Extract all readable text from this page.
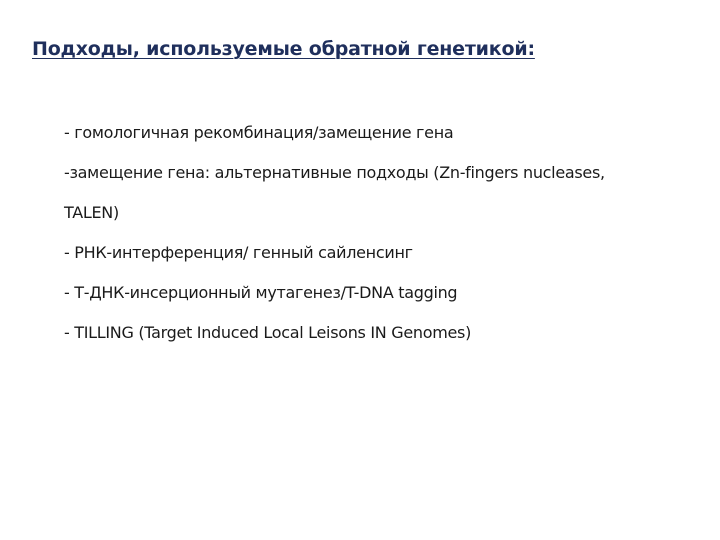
Подходы, используемые обратной генетикой:
- гомологичная рекомбинация/замещение гена
-замещение гена: альтернативные подходы (Zn-fingers nucleases,
TALEN)
- РНК-интерференция/ генный сайленсинг
- Т-ДНК-инсерционный мутагенез/T-DNA tagging
- TILLING (Target Induced Local Leisons IN Genomes)
